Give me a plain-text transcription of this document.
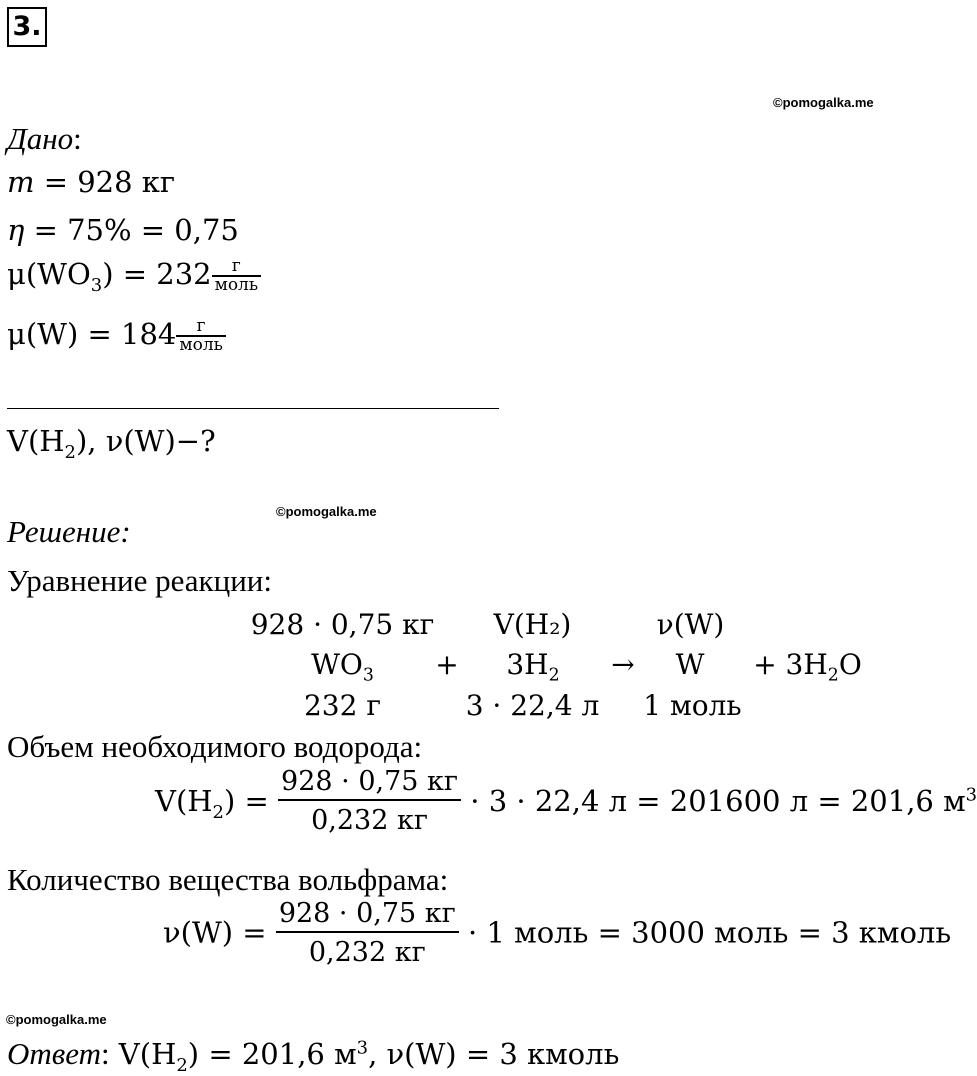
3.
©pomogalka.me
©pomogalka.me
©pomogalka.me
Дано:
m = 928 кг
η = 75% = 0,75
$\mu(WO_3) = 232 \frac{г}{\text{моль}}$
$\mu(W) = 184 \frac{г}{\text{моль}}$
$V(H_2)$, ν(W)−?
Решение:
Уравнение реакции:
928 · 0,75 кг	V(H₂)	ν(W)
$WO_3$	+	$3H_2$	→	W	+ $3H_2O$
232 г	3 · 22,4 л	1 моль
Объем необходимого водорода:
$V(H_2) = \frac{928 \cdot 0,75 кг}{0,232 кг} \cdot 3 \cdot 22,4$ л = 201600 л = 201,6 $м^3$
Количество вещества вольфрама:
$\nu(W) = \frac{928 \cdot 0,75 кг}{0,232 кг} \cdot 1$ моль = 3000 моль = 3 кмоль
Ответ: $V(H_2) = 201,6$ $м^3$, ν(W) = 3 кмоль
